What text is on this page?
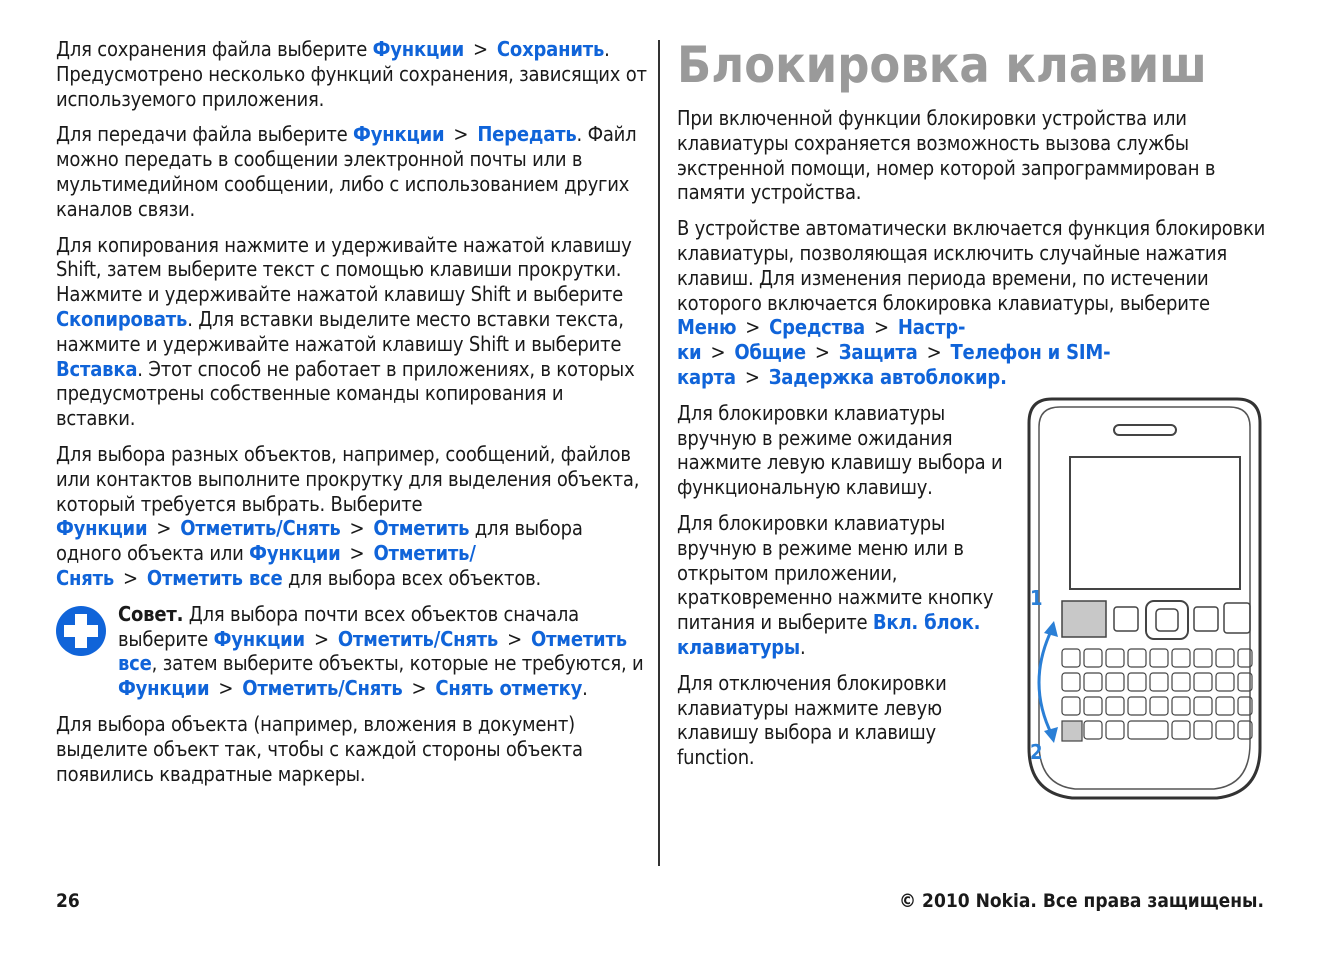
Для сохранения файла выберите Функции > Сохранить. Предусмотрено несколько функций сохранения, зависящих от используемого приложения.

Для передачи файла выберите Функции > Передать. Файл можно передать в сообщении электронной почты или в мультимедийном сообщении, либо с использованием других каналов связи.

Для копирования нажмите и удерживайте нажатой клавишу Shift, затем выберите текст с помощью клавиши прокрутки. Нажмите и удерживайте нажатой клавишу Shift и выберите Скопировать. Для вставки выделите место вставки текста, нажмите и удерживайте нажатой клавишу Shift и выберите Вставка. Этот способ не работает в приложениях, в которых предусмотрены собственные команды копирования и вставки.

Для выбора разных объектов, например, сообщений, файлов или контактов выполните прокрутку для выделения объекта, который требуется выбрать. Выберите Функции > Отметить/Снять > Отметить для выбора одного объекта или Функции > Отметить/ Снять > Отметить все для выбора всех объектов.

Совет. Для выбора почти всех объектов сначала выберите Функции > Отметить/Снять > Отметить все, затем выберите объекты, которые не требуются, и Функции > Отметить/Снять > Снять отметку.

Для выбора объекта (например, вложения в документ) выделите объект так, чтобы с каждой стороны объекта появились квадратные маркеры.

Блокировка клавиш

При включенной функции блокировки устройства или клавиатуры сохраняется возможность вызова службы экстренной помощи, номер которой запрограммирован в памяти устройства.

В устройстве автоматически включается функция блокировки клавиатуры, позволяющая исключить случайные нажатия клавиш. Для изменения периода времени, по истечении которого включается блокировка клавиатуры, выберите Меню > Средства > Настр-ки > Общие > Защита > Телефон и SIM-карта > Задержка автоблокир.

Для блокировки клавиатуры вручную в режиме ожидания нажмите левую клавишу выбора и функциональную клавишу.

Для блокировки клавиатуры вручную в режиме меню или в открытом приложении, кратковременно нажмите кнопку питания и выберите Вкл. блок. клавиатуры.

Для отключения блокировки клавиатуры нажмите левую клавишу выбора и клавишу function.

1
2
26	© 2010 Nokia. Все права защищены.
